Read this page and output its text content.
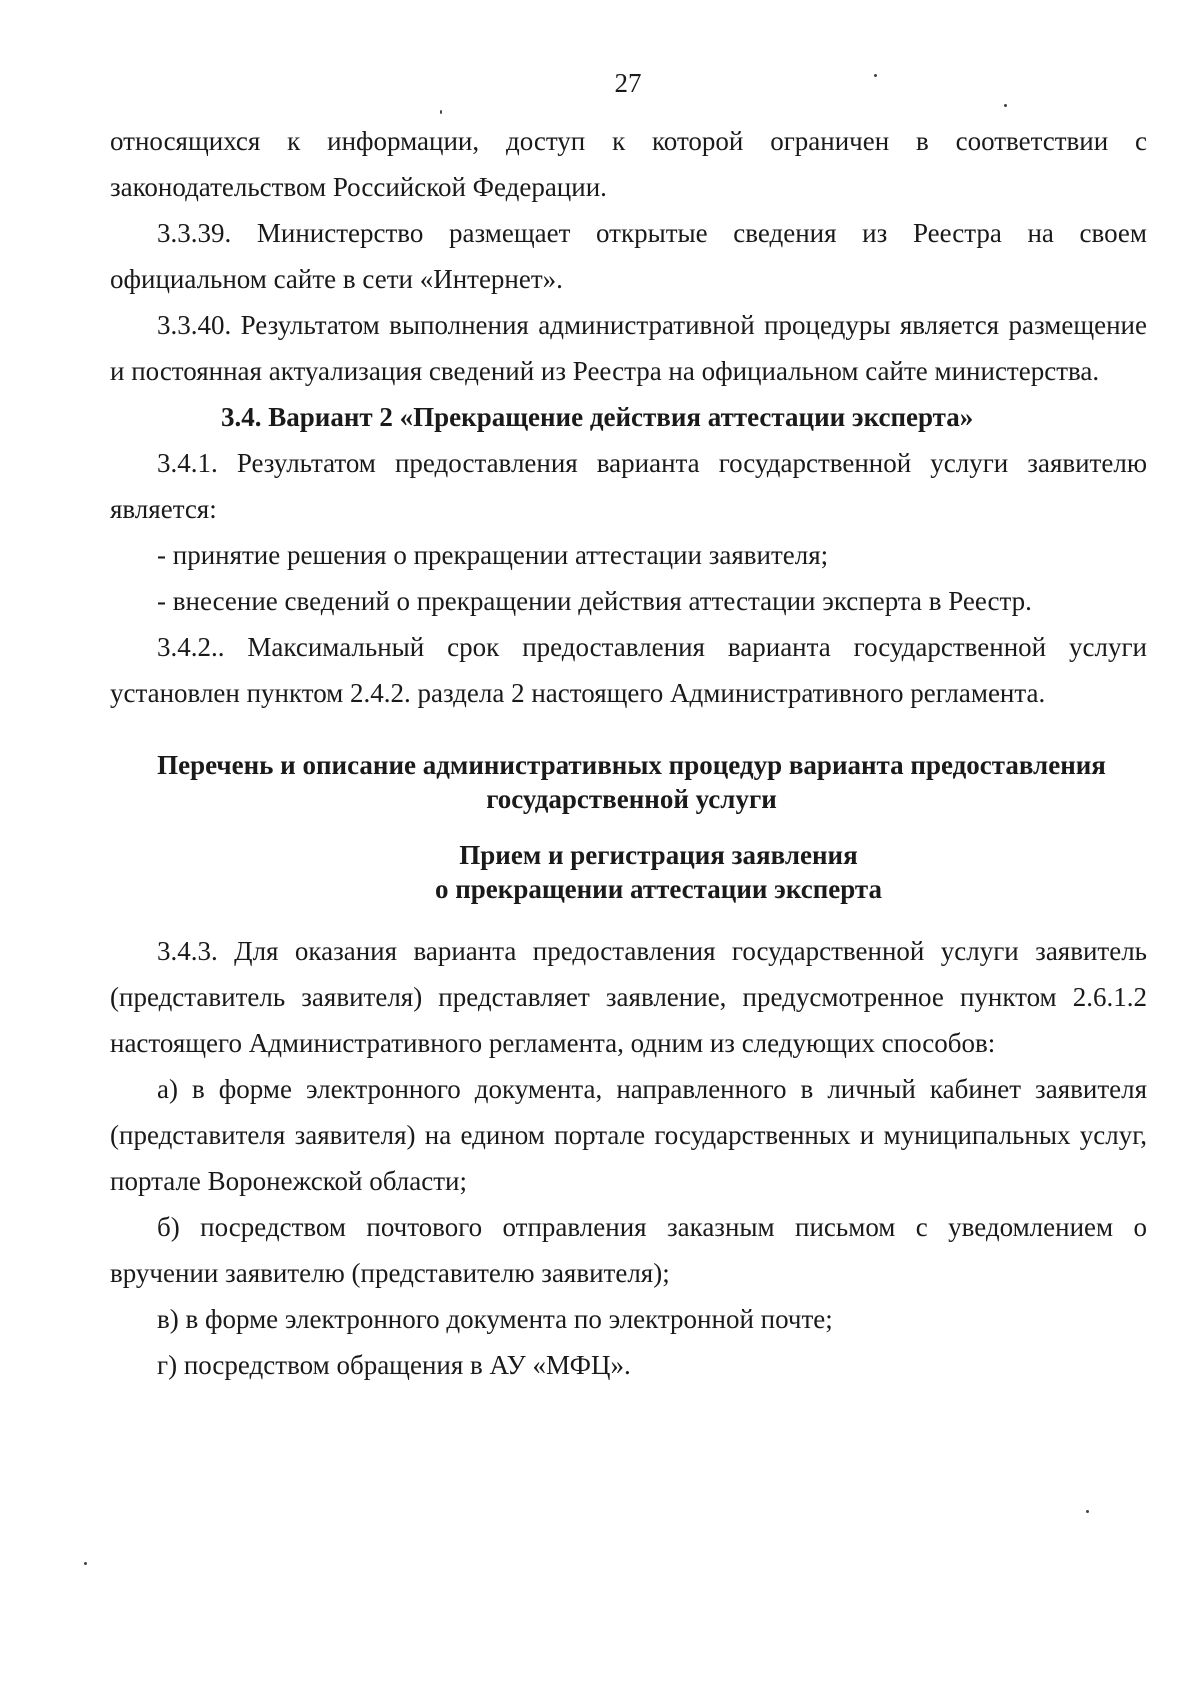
27

относящихся к информации, доступ к которой ограничен в соответствии с законодательством Российской Федерации.

3.3.39. Министерство размещает открытые сведения из Реестра на своем официальном сайте в сети «Интернет».

3.3.40. Результатом выполнения административной процедуры является размещение и постоянная актуализация сведений из Реестра на официальном сайте министерства.

3.4. Вариант 2 «Прекращение действия аттестации эксперта»

3.4.1. Результатом предоставления варианта государственной услуги заявителю является:

- принятие решения о прекращении аттестации заявителя;

- внесение сведений о прекращении действия аттестации эксперта в Реестр.

3.4.2.. Максимальный срок предоставления варианта государственной услуги установлен пунктом 2.4.2. раздела 2 настоящего Административного регламента.

Перечень и описание административных процедур варианта предоставления
государственной услуги
Прием и регистрация заявления
о прекращении аттестации эксперта

3.4.3. Для оказания варианта предоставления государственной услуги заявитель (представитель заявителя) представляет заявление, предусмотренное пунктом 2.6.1.2 настоящего Административного регламента, одним из следующих способов:

а) в форме электронного документа, направленного в личный кабинет заявителя (представителя заявителя) на едином портале государственных и муниципальных услуг, портале Воронежской области;

б) посредством почтового отправления заказным письмом с уведомлением о вручении заявителю (представителю заявителя);

в) в форме электронного документа по электронной почте;

г) посредством обращения в АУ «МФЦ».
